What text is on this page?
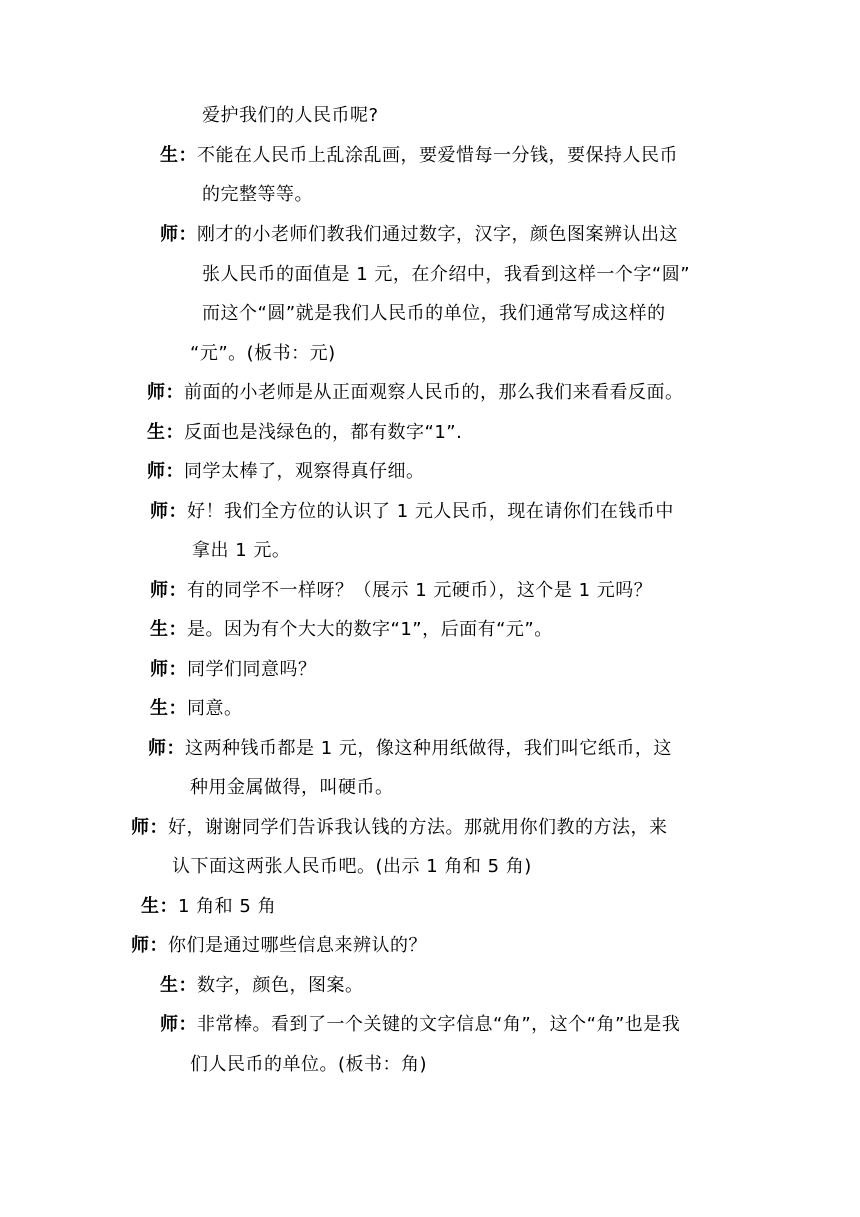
爱护我们的人民币呢?
生：不能在人民币上乱涂乱画，要爱惜每一分钱，要保持人民币
的完整等等。
师：刚才的小老师们教我们通过数字，汉字，颜色图案辨认出这
张人民币的面值是 1 元，在介绍中，我看到这样一个字“圆”
而这个“圆”就是我们人民币的单位，我们通常写成这样的
“元”。(板书：元)
师：前面的小老师是从正面观察人民币的，那么我们来看看反面。
生：反面也是浅绿色的，都有数字“1”.
师：同学太棒了，观察得真仔细。
师：好！我们全方位的认识了 1 元人民币，现在请你们在钱币中
拿出 1 元。
师：有的同学不一样呀？（展示 1 元硬币），这个是 1 元吗？
生：是。因为有个大大的数字“1”，后面有“元”。
师：同学们同意吗？
生：同意。
师：这两种钱币都是 1 元，像这种用纸做得，我们叫它纸币，这
种用金属做得，叫硬币。
师：好，谢谢同学们告诉我认钱的方法。那就用你们教的方法，来
认下面这两张人民币吧。(出示 1 角和 5 角)
生：1 角和 5 角
师：你们是通过哪些信息来辨认的？
生：数字，颜色，图案。
师：非常棒。看到了一个关键的文字信息“角”，这个“角”也是我
们人民币的单位。(板书：角)
